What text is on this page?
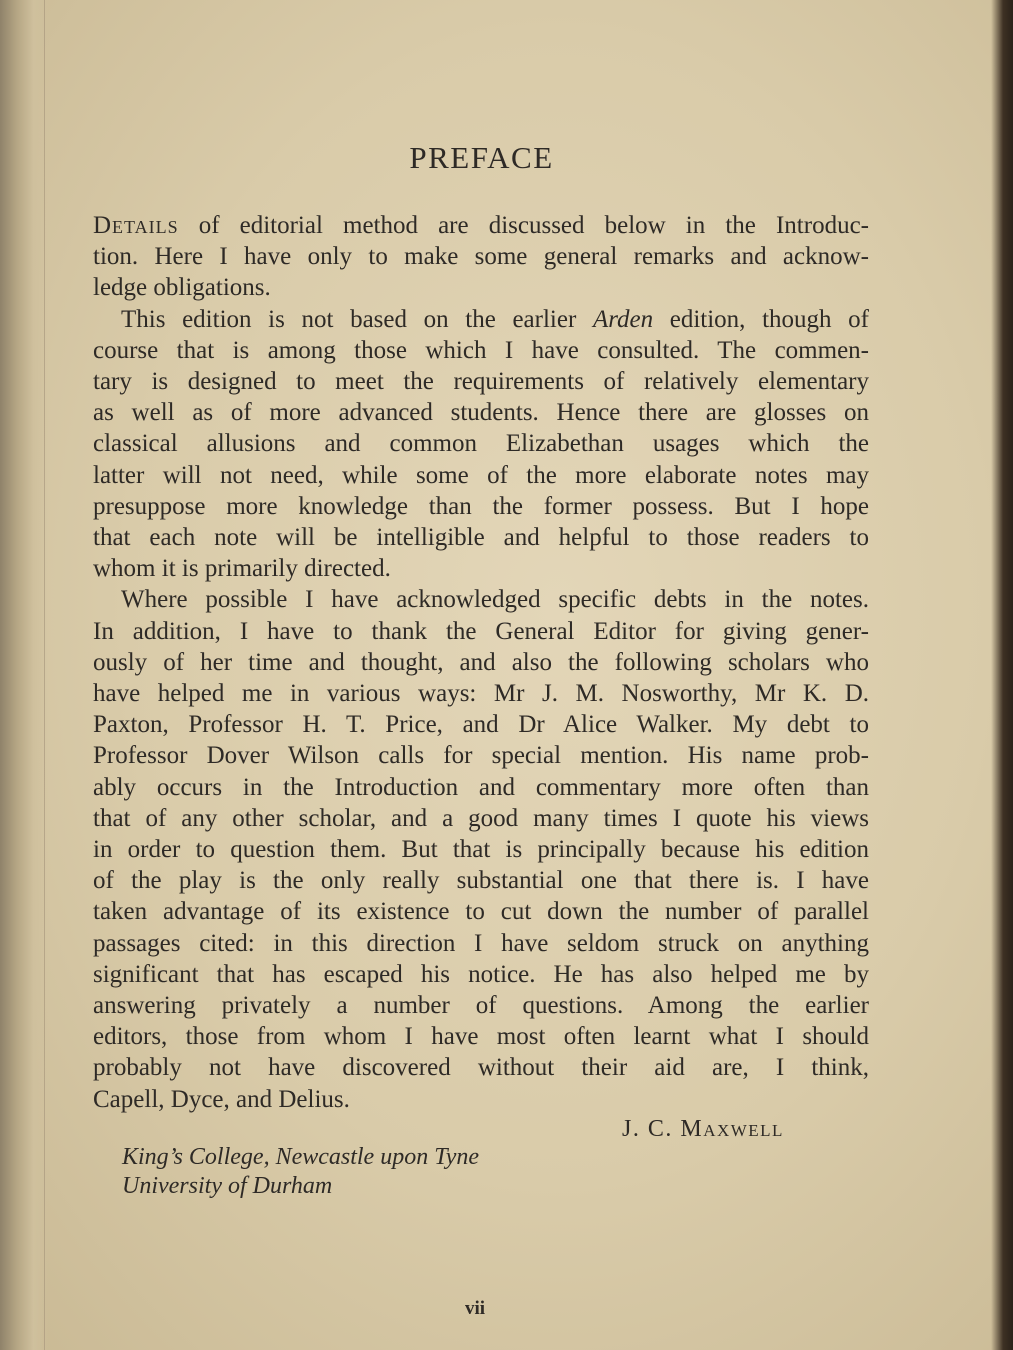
PREFACE
Details of editorial method are discussed below in the Introduc-
tion. Here I have only to make some general remarks and acknow-
ledge obligations.
This edition is not based on the earlier Arden edition, though of
course that is among those which I have consulted. The commen-
tary is designed to meet the requirements of relatively elementary
as well as of more advanced students. Hence there are glosses on
classical allusions and common Elizabethan usages which the
latter will not need, while some of the more elaborate notes may
presuppose more knowledge than the former possess. But I hope
that each note will be intelligible and helpful to those readers to
whom it is primarily directed.
Where possible I have acknowledged specific debts in the notes.
In addition, I have to thank the General Editor for giving gener-
ously of her time and thought, and also the following scholars who
have helped me in various ways: Mr J. M. Nosworthy, Mr K. D.
Paxton, Professor H. T. Price, and Dr Alice Walker. My debt to
Professor Dover Wilson calls for special mention. His name prob-
ably occurs in the Introduction and commentary more often than
that of any other scholar, and a good many times I quote his views
in order to question them. But that is principally because his edition
of the play is the only really substantial one that there is. I have
taken advantage of its existence to cut down the number of parallel
passages cited: in this direction I have seldom struck on anything
significant that has escaped his notice. He has also helped me by
answering privately a number of questions. Among the earlier
editors, those from whom I have most often learnt what I should
probably not have discovered without their aid are, I think,
Capell, Dyce, and Delius.

J. C. Maxwell

King’s College, Newcastle upon Tyne
University of Durham
vii
